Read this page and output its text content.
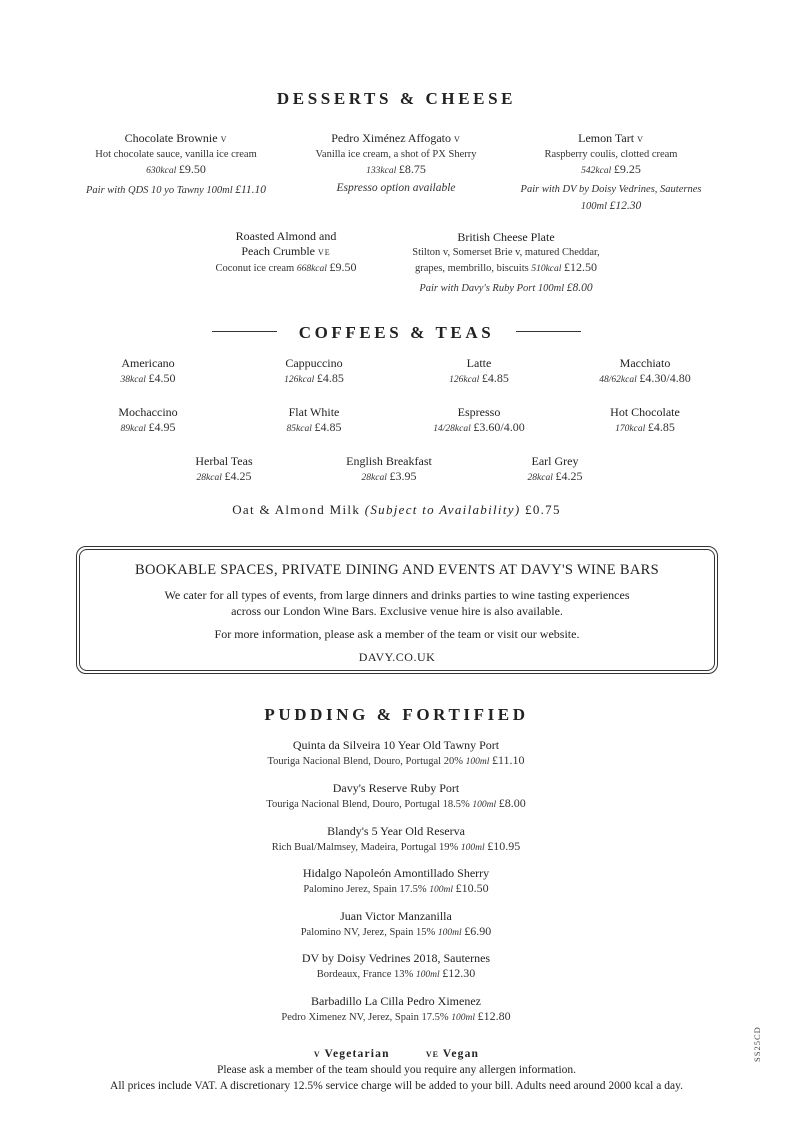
DESSERTS & CHEESE
Chocolate Brownie V
Hot chocolate sauce, vanilla ice cream
630kcal £9.50
Pair with QDS 10 yo Tawny 100ml £11.10
Pedro Ximénez Affogato V
Vanilla ice cream, a shot of PX Sherry
133kcal £8.75
Espresso option available
Lemon Tart V
Raspberry coulis, clotted cream
542kcal £9.25
Pair with DV by Doisy Vedrines, Sauternes
100ml £12.30
Roasted Almond and
Peach Crumble VE
Coconut ice cream 668kcal £9.50
British Cheese Plate
Stilton v, Somerset Brie v, matured Cheddar,
grapes, membrillo, biscuits 510kcal £12.50
Pair with Davy's Ruby Port 100ml £8.00
COFFEES & TEAS
Americano
38kcal £4.50
Cappuccino
126kcal £4.85
Latte
126kcal £4.85
Macchiato
48/62kcal £4.30/4.80
Mochaccino
89kcal £4.95
Flat White
85kcal £4.85
Espresso
14/28kcal £3.60/4.00
Hot Chocolate
170kcal £4.85
Herbal Teas
28kcal £4.25
English Breakfast
28kcal £3.95
Earl Grey
28kcal £4.25
Oat & Almond Milk (Subject to Availability) £0.75
BOOKABLE SPACES, PRIVATE DINING AND EVENTS AT DAVY'S WINE BARS
We cater for all types of events, from large dinners and drinks parties to wine tasting experiences
across our London Wine Bars. Exclusive venue hire is also available.
For more information, please ask a member of the team or visit our website.
DAVY.CO.UK
PUDDING & FORTIFIED
Quinta da Silveira 10 Year Old Tawny Port
Touriga Nacional Blend, Douro, Portugal 20% 100ml £11.10
Davy's Reserve Ruby Port
Touriga Nacional Blend, Douro, Portugal 18.5% 100ml £8.00
Blandy's 5 Year Old Reserva
Rich Bual/Malmsey, Madeira, Portugal 19% 100ml £10.95
Hidalgo Napoleón Amontillado Sherry
Palomino Jerez, Spain 17.5% 100ml £10.50
Juan Victor Manzanilla
Palomino NV, Jerez, Spain 15% 100ml £6.90
DV by Doisy Vedrines 2018, Sauternes
Bordeaux, France 13% 100ml £12.30
Barbadillo La Cilla Pedro Ximenez
Pedro Ximenez NV, Jerez, Spain 17.5% 100ml £12.80
V Vegetarian	VE Vegan
Please ask a member of the team should you require any allergen information.
All prices include VAT. A discretionary 12.5% service charge will be added to your bill. Adults need around 2000 kcal a day.
SS25CD
